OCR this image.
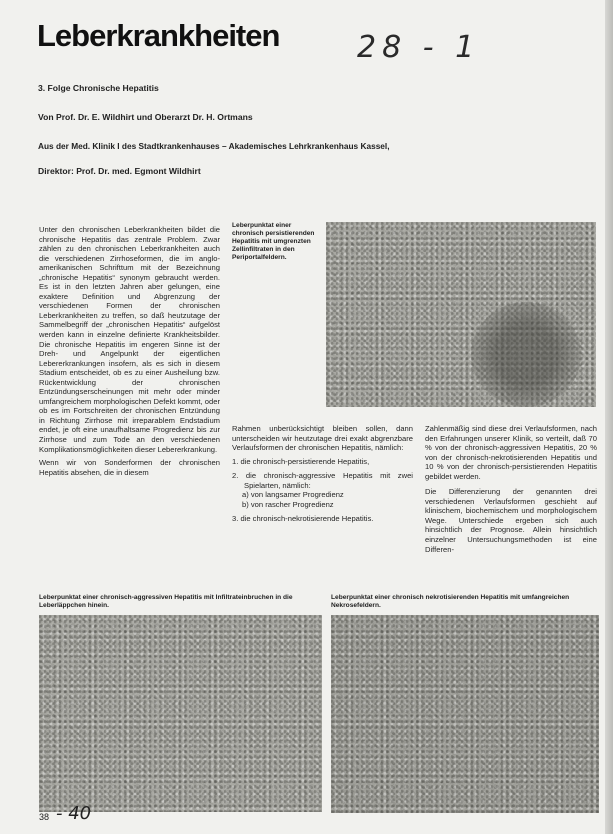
Leberkrankheiten	28 - 1
3. Folge Chronische Hepatitis
Von Prof. Dr. E. Wildhirt und Oberarzt Dr. H. Ortmans
Aus der Med. Klinik I des Stadtkrankenhauses – Akademisches Lehrkrankenhaus Kassel,
Direktor: Prof. Dr. med. Egmont Wildhirt

Unter den chronischen Leberkrankheiten bildet die chronische Hepatitis das zentrale Problem. Zwar zählen zu den chronischen Leberkrankheiten auch die verschiedenen Zirrhoseformen, die im anglo-amerikanischen Schrifttum mit der Bezeichnung „chronische Hepatitis“ synonym gebraucht werden. Es ist in den letzten Jahren aber gelungen, eine exaktere Definition und Abgrenzung der verschiedenen Formen der chronischen Leberkrankheiten zu treffen, so daß heutzutage der Sammelbegriff der „chronischen Hepatitis“ aufgelöst werden kann in einzelne definierte Krankheitsbilder. Die chronische Hepatitis im engeren Sinne ist der Dreh- und Angelpunkt der eigentlichen Lebererkrankungen insofern, als es sich in diesem Stadium entscheidet, ob es zu einer Ausheilung bzw. Rückentwicklung der chronischen Entzündungserscheinungen mit mehr oder minder umfangreichem morphologischen Defekt kommt, oder ob es im Fortschreiten der chronischen Entzündung in Richtung Zirrhose mit irreparablem Endstadium endet, je oft eine unaufhaltsame Progredienz bis zur Zirrhose und zum Tode an den verschiedenen Komplikationsmöglichkeiten dieser Lebererkrankung.

Wenn wir von Sonderformen der chronischen Hepatitis absehen, die in diesem

Leberpunktat einer chronisch persistierenden Hepatitis mit umgrenzten Zellinfiltraten in den Periportalfeldern.

Rahmen unberücksichtigt bleiben sollen, dann unterscheiden wir heutzutage drei exakt abgrenzbare Verlaufsformen der chronischen Hepatitis, nämlich:

1. die chronisch-persistierende Hepatitis,
2. die chronisch-aggressive Hepatitis mit zwei Spielarten, nämlich:
a) von langsamer Progredienz
b) von rascher Progredienz
3. die chronisch-nekrotisierende Hepatitis.

Zahlenmäßig sind diese drei Verlaufsformen, nach den Erfahrungen unserer Klinik, so verteilt, daß 70 % von der chronisch-aggressiven Hepatitis, 20 % von der chronisch-nekrotisierenden Hepatitis und 10 % von der chronisch-persistierenden Hepatitis gebildet werden.

Die Differenzierung der genannten drei verschiedenen Verlaufsformen geschieht auf klinischem, biochemischem und morphologischem Wege. Unterschiede ergeben sich auch hinsichtlich der Prognose. Allein hinsichtlich einzelner Untersuchungsmethoden ist eine Differen-

Leberpunktat einer chronisch-aggressiven Hepatitis mit Infiltrateinbruchen in die Leberläppchen hinein.
Leberpunktat einer chronisch nekrotisierenden Hepatitis mit umfangreichen Nekrosefeldern.
38 - 40
